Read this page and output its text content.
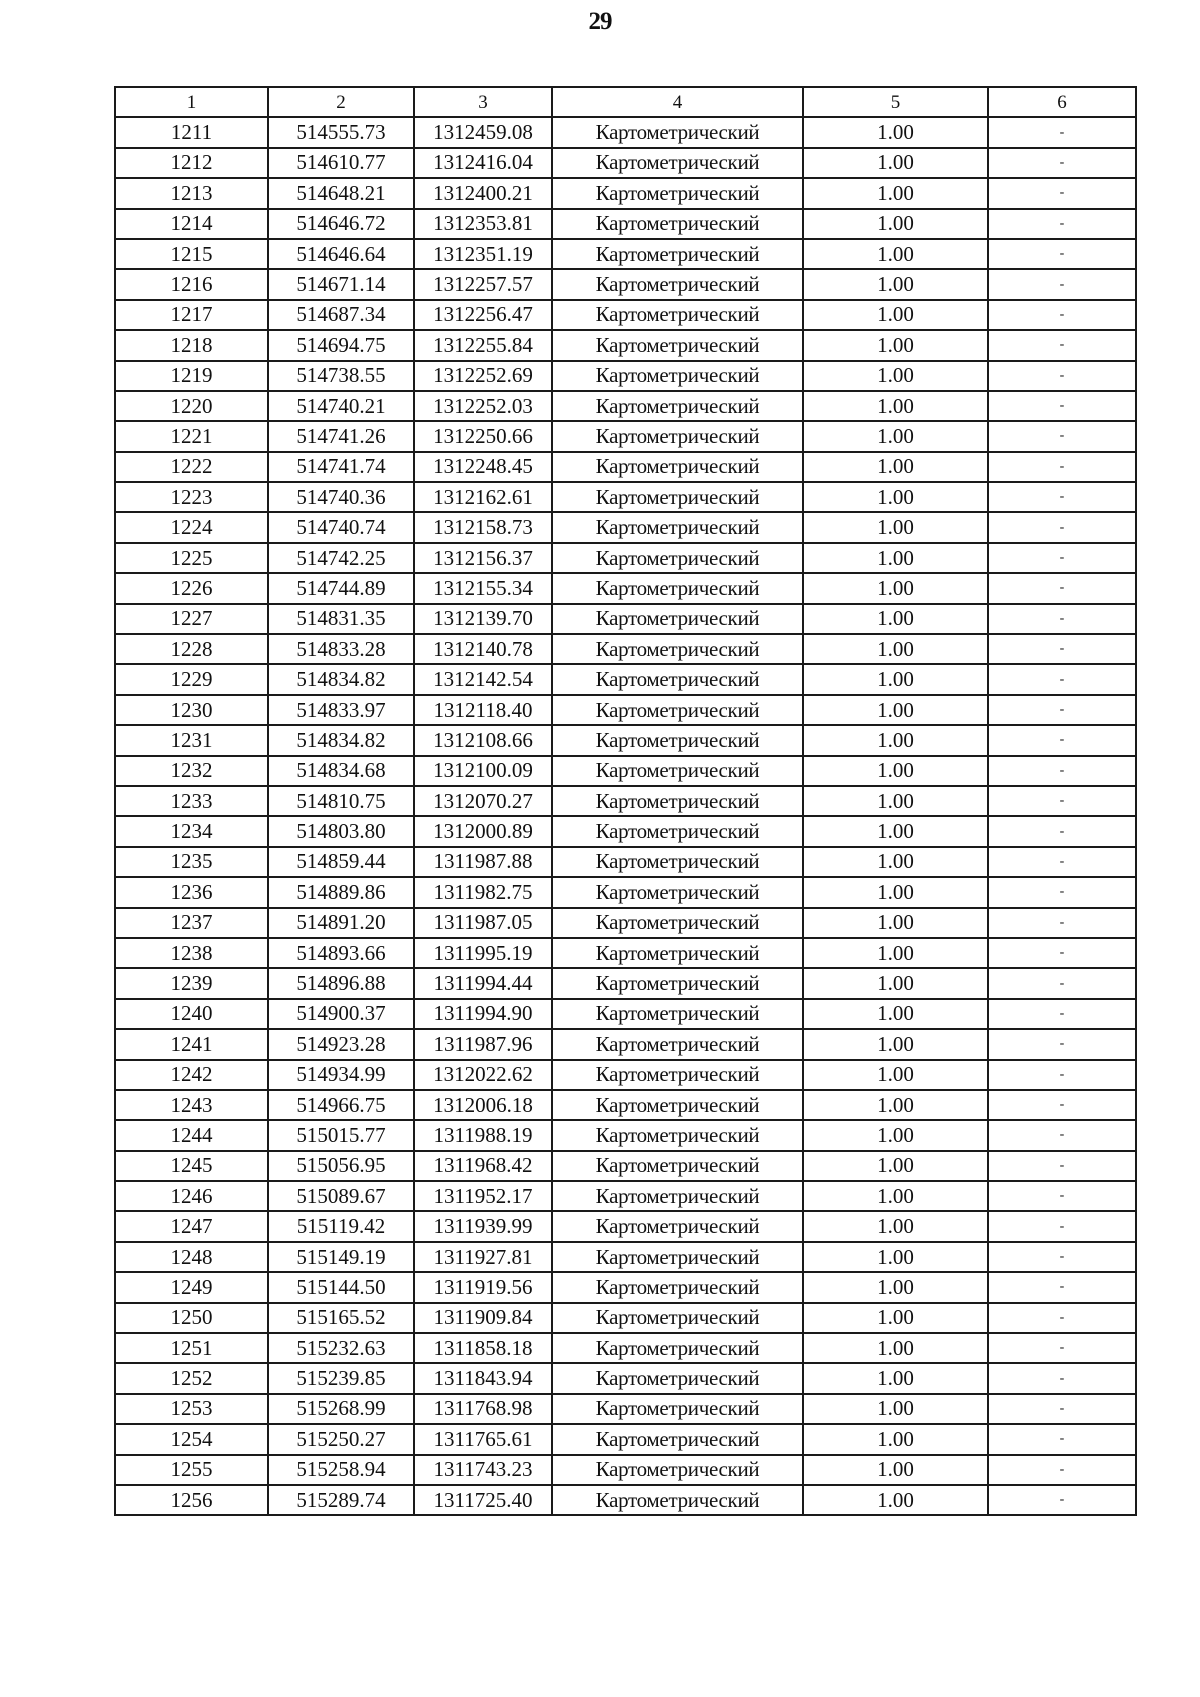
29
1	2	3	4	5	6
1211	514555.73	1312459.08	Картометрический	1.00	-
1212	514610.77	1312416.04	Картометрический	1.00	-
1213	514648.21	1312400.21	Картометрический	1.00	-
1214	514646.72	1312353.81	Картометрический	1.00	-
1215	514646.64	1312351.19	Картометрический	1.00	-
1216	514671.14	1312257.57	Картометрический	1.00	-
1217	514687.34	1312256.47	Картометрический	1.00	-
1218	514694.75	1312255.84	Картометрический	1.00	-
1219	514738.55	1312252.69	Картометрический	1.00	-
1220	514740.21	1312252.03	Картометрический	1.00	-
1221	514741.26	1312250.66	Картометрический	1.00	-
1222	514741.74	1312248.45	Картометрический	1.00	-
1223	514740.36	1312162.61	Картометрический	1.00	-
1224	514740.74	1312158.73	Картометрический	1.00	-
1225	514742.25	1312156.37	Картометрический	1.00	-
1226	514744.89	1312155.34	Картометрический	1.00	-
1227	514831.35	1312139.70	Картометрический	1.00	-
1228	514833.28	1312140.78	Картометрический	1.00	-
1229	514834.82	1312142.54	Картометрический	1.00	-
1230	514833.97	1312118.40	Картометрический	1.00	-
1231	514834.82	1312108.66	Картометрический	1.00	-
1232	514834.68	1312100.09	Картометрический	1.00	-
1233	514810.75	1312070.27	Картометрический	1.00	-
1234	514803.80	1312000.89	Картометрический	1.00	-
1235	514859.44	1311987.88	Картометрический	1.00	-
1236	514889.86	1311982.75	Картометрический	1.00	-
1237	514891.20	1311987.05	Картометрический	1.00	-
1238	514893.66	1311995.19	Картометрический	1.00	-
1239	514896.88	1311994.44	Картометрический	1.00	-
1240	514900.37	1311994.90	Картометрический	1.00	-
1241	514923.28	1311987.96	Картометрический	1.00	-
1242	514934.99	1312022.62	Картометрический	1.00	-
1243	514966.75	1312006.18	Картометрический	1.00	-
1244	515015.77	1311988.19	Картометрический	1.00	-
1245	515056.95	1311968.42	Картометрический	1.00	-
1246	515089.67	1311952.17	Картометрический	1.00	-
1247	515119.42	1311939.99	Картометрический	1.00	-
1248	515149.19	1311927.81	Картометрический	1.00	-
1249	515144.50	1311919.56	Картометрический	1.00	-
1250	515165.52	1311909.84	Картометрический	1.00	-
1251	515232.63	1311858.18	Картометрический	1.00	-
1252	515239.85	1311843.94	Картометрический	1.00	-
1253	515268.99	1311768.98	Картометрический	1.00	-
1254	515250.27	1311765.61	Картометрический	1.00	-
1255	515258.94	1311743.23	Картометрический	1.00	-
1256	515289.74	1311725.40	Картометрический	1.00	-
